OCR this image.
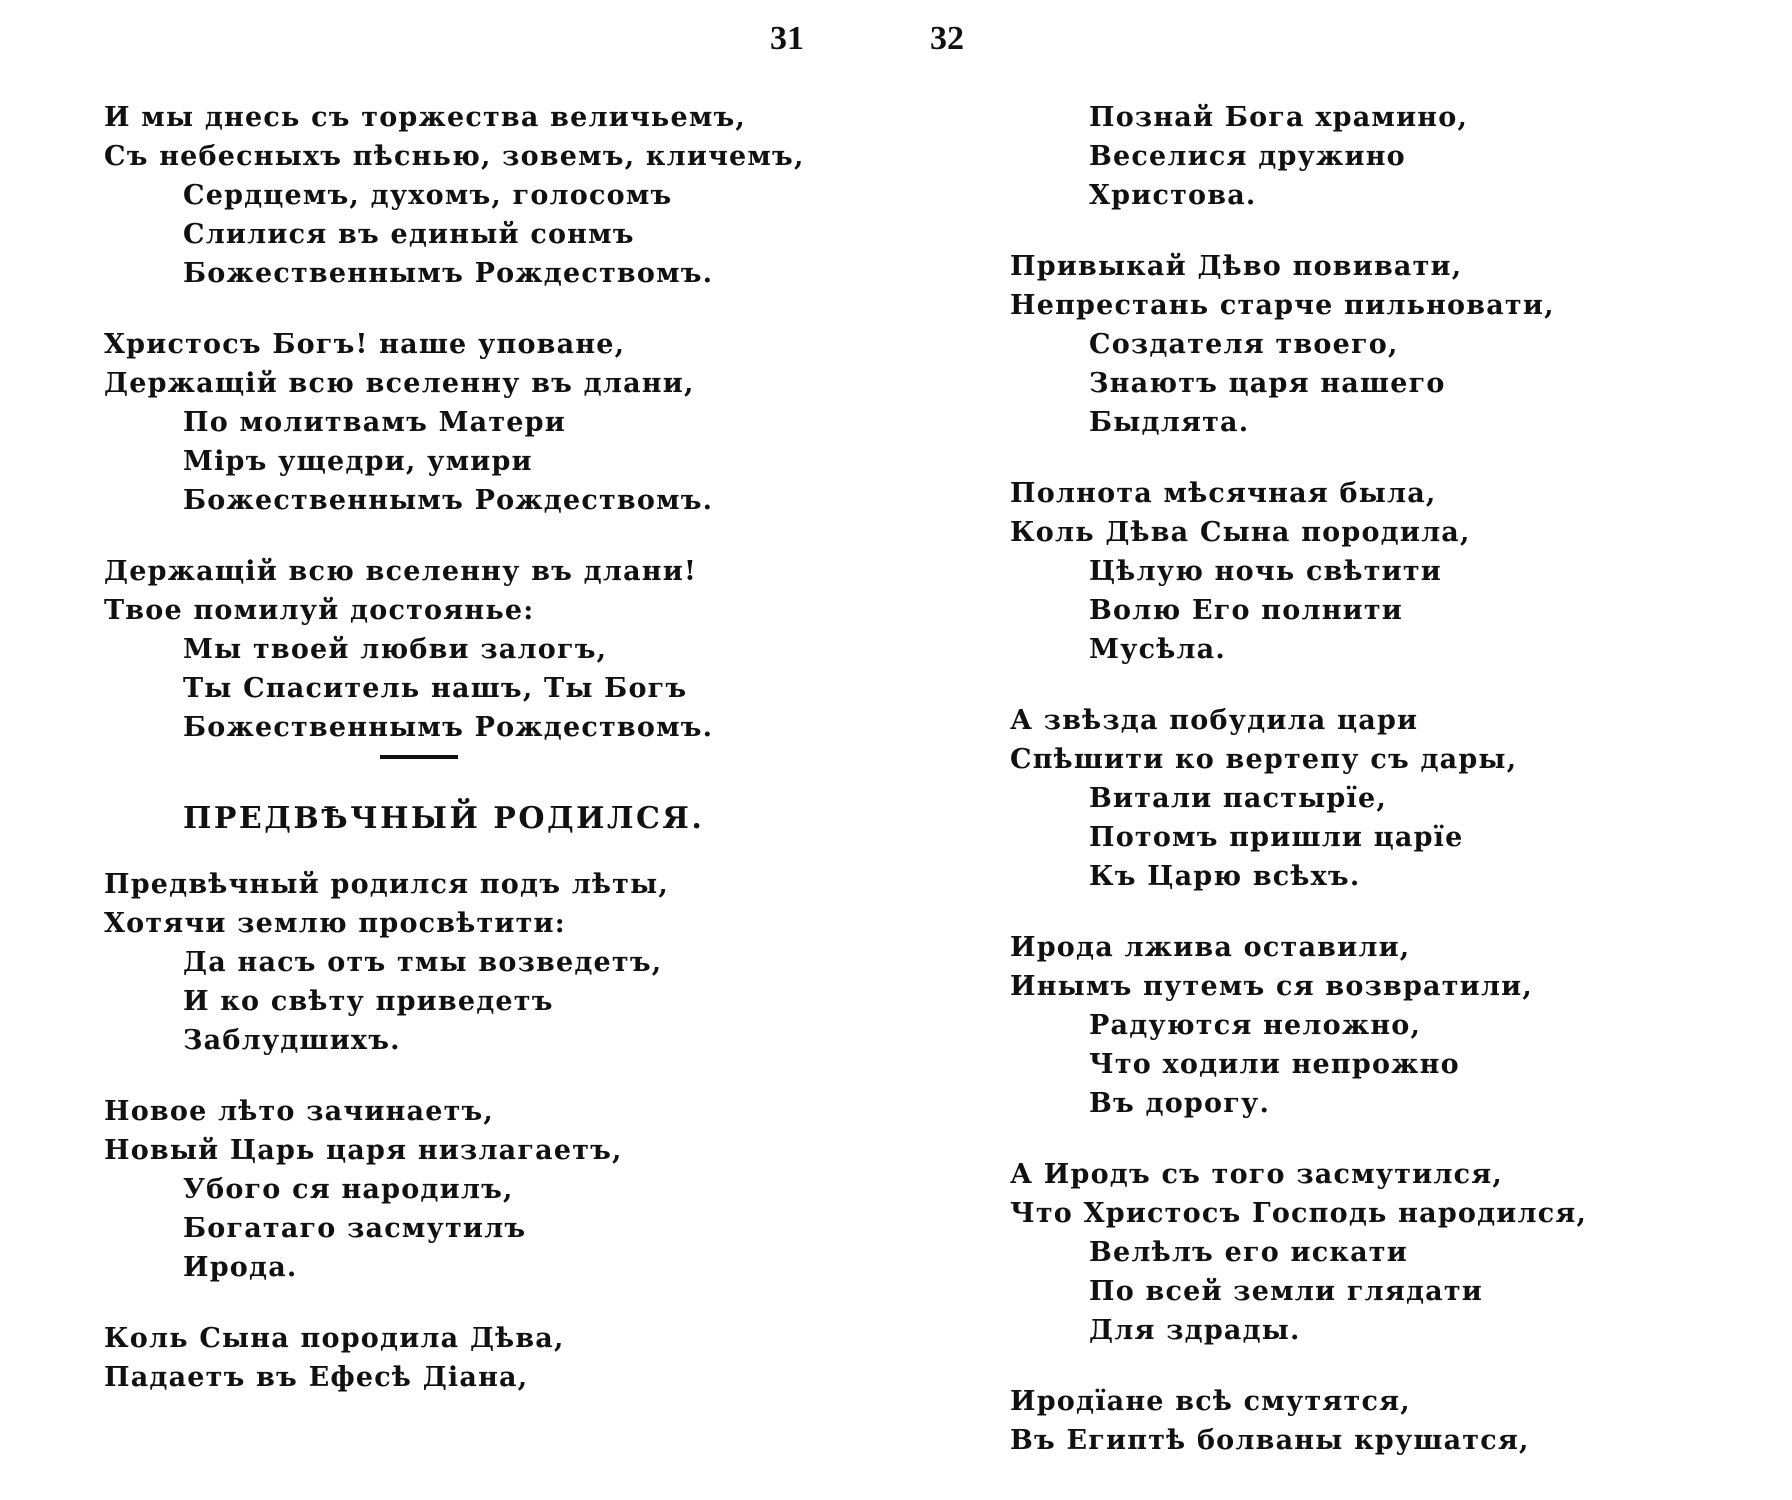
31	32
И мы днесь съ торжества величьемъ,
Съ небесныхъ пѣснью, зовемъ, кличемъ,
Сердцемъ, духомъ, голосомъ
Слилися въ единый сонмъ
Божественнымъ Рождествомъ.
Христосъ Богъ! наше уповане,
Держащій всю вселенну въ длани,
По молитвамъ Матери
Міръ ущедри, умири
Божественнымъ Рождествомъ.
Держащій всю вселенну въ длани!
Твое помилуй достоянье:
Мы твоей любви залогъ,
Ты Спаситель нашъ, Ты Богъ
Божественнымъ Рождествомъ.
ПРЕДВѢЧНЫЙ РОДИЛСЯ.
Предвѣчный родился подъ лѣты,
Хотячи землю просвѣтити:
Да насъ отъ тмы возведетъ,
И ко свѣту приведетъ
Заблудшихъ.
Новое лѣто зачинаетъ,
Новый Царь царя низлагаетъ,
Убого ся народилъ,
Богатаго засмутилъ
Ирода.
Коль Сына породила Дѣва,
Падаетъ въ Ефесѣ Діана,
Познай Бога храмино,
Веселися дружино
Христова.
Привыкай Дѣво повивати,
Непрестань старче пильновати,
Создателя твоего,
Знаютъ царя нашего
Быдлята.
Полнота мѣсячная была,
Коль Дѣва Сына породила,
Цѣлую ночь свѣтити
Волю Его полнити
Мусѣла.
А звѣзда побудила цари
Спѣшити ко вертепу съ дары,
Витали пастырїе,
Потомъ пришли царїе
Къ Царю всѣхъ.
Ирода лжива оставили,
Инымъ путемъ ся возвратили,
Радуются неложно,
Что ходили непрожно
Въ дорогу.
А Иродъ съ того засмутился,
Что Христосъ Господь народился,
Велѣлъ его искати
По всей земли глядати
Для здрады.
Иродїане всѣ смутятся,
Въ Египтѣ болваны крушатся,
